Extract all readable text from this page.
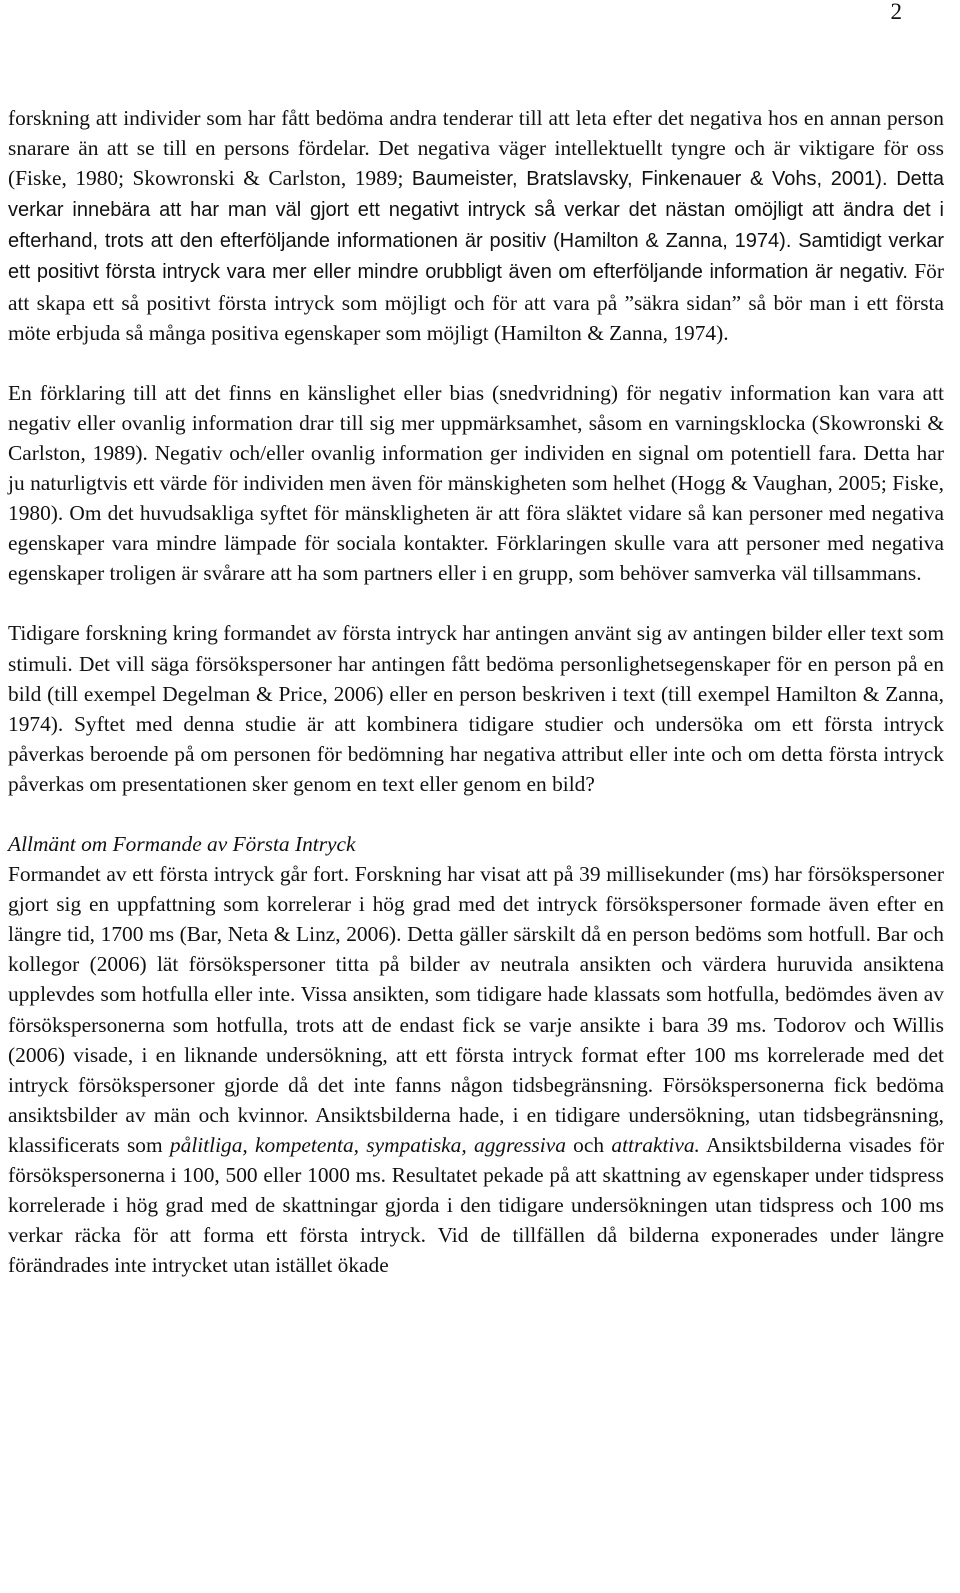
2

forskning att individer som har fått bedöma andra tenderar till att leta efter det negativa hos en annan person snarare än att se till en persons fördelar. Det negativa väger intellektuellt tyngre och är viktigare för oss (Fiske, 1980; Skowronski & Carlston, 1989; Baumeister, Bratslavsky, Finkenauer & Vohs, 2001). Detta verkar innebära att har man väl gjort ett negativt intryck så verkar det nästan omöjligt att ändra det i efterhand, trots att den efterföljande informationen är positiv (Hamilton & Zanna, 1974). Samtidigt verkar ett positivt första intryck vara mer eller mindre orubbligt även om efterföljande information är negativ. För att skapa ett så positivt första intryck som möjligt och för att vara på ”säkra sidan” så bör man i ett första möte erbjuda så många positiva egenskaper som möjligt (Hamilton & Zanna, 1974).

En förklaring till att det finns en känslighet eller bias (snedvridning) för negativ information kan vara att negativ eller ovanlig information drar till sig mer uppmärksamhet, såsom en varningsklocka (Skowronski & Carlston, 1989). Negativ och/eller ovanlig information ger individen en signal om potentiell fara. Detta har ju naturligtvis ett värde för individen men även för mänskigheten som helhet (Hogg & Vaughan, 2005; Fiske, 1980). Om det huvudsakliga syftet för mänskligheten är att föra släktet vidare så kan personer med negativa egenskaper vara mindre lämpade för sociala kontakter. Förklaringen skulle vara att personer med negativa egenskaper troligen är svårare att ha som partners eller i en grupp, som behöver samverka väl tillsammans.

Tidigare forskning kring formandet av första intryck har antingen använt sig av antingen bilder eller text som stimuli. Det vill säga försökspersoner har antingen fått bedöma personlighetsegenskaper för en person på en bild (till exempel Degelman & Price, 2006) eller en person beskriven i text (till exempel Hamilton & Zanna, 1974). Syftet med denna studie är att kombinera tidigare studier och undersöka om ett första intryck påverkas beroende på om personen för bedömning har negativa attribut eller inte och om detta första intryck påverkas om presentationen sker genom en text eller genom en bild?

Allmänt om Formande av Första Intryck

Formandet av ett första intryck går fort. Forskning har visat att på 39 millisekunder (ms) har försökspersoner gjort sig en uppfattning som korrelerar i hög grad med det intryck försökspersoner formade även efter en längre tid, 1700 ms (Bar, Neta & Linz, 2006). Detta gäller särskilt då en person bedöms som hotfull. Bar och kollegor (2006) lät försökspersoner titta på bilder av neutrala ansikten och värdera huruvida ansiktena upplevdes som hotfulla eller inte. Vissa ansikten, som tidigare hade klassats som hotfulla, bedömdes även av försökspersonerna som hotfulla, trots att de endast fick se varje ansikte i bara 39 ms. Todorov och Willis (2006) visade, i en liknande undersökning, att ett första intryck format efter 100 ms korrelerade med det intryck försökspersoner gjorde då det inte fanns någon tidsbegränsning. Försökspersonerna fick bedöma ansiktsbilder av män och kvinnor. Ansiktsbilderna hade, i en tidigare undersökning, utan tidsbegränsning, klassificerats som pålitliga, kompetenta, sympatiska, aggressiva och attraktiva. Ansiktsbilderna visades för försökspersonerna i 100, 500 eller 1000 ms. Resultatet pekade på att skattning av egenskaper under tidspress korrelerade i hög grad med de skattningar gjorda i den tidigare undersökningen utan tidspress och 100 ms verkar räcka för att forma ett första intryck. Vid de tillfällen då bilderna exponerades under längre förändrades inte intrycket utan istället ökade
